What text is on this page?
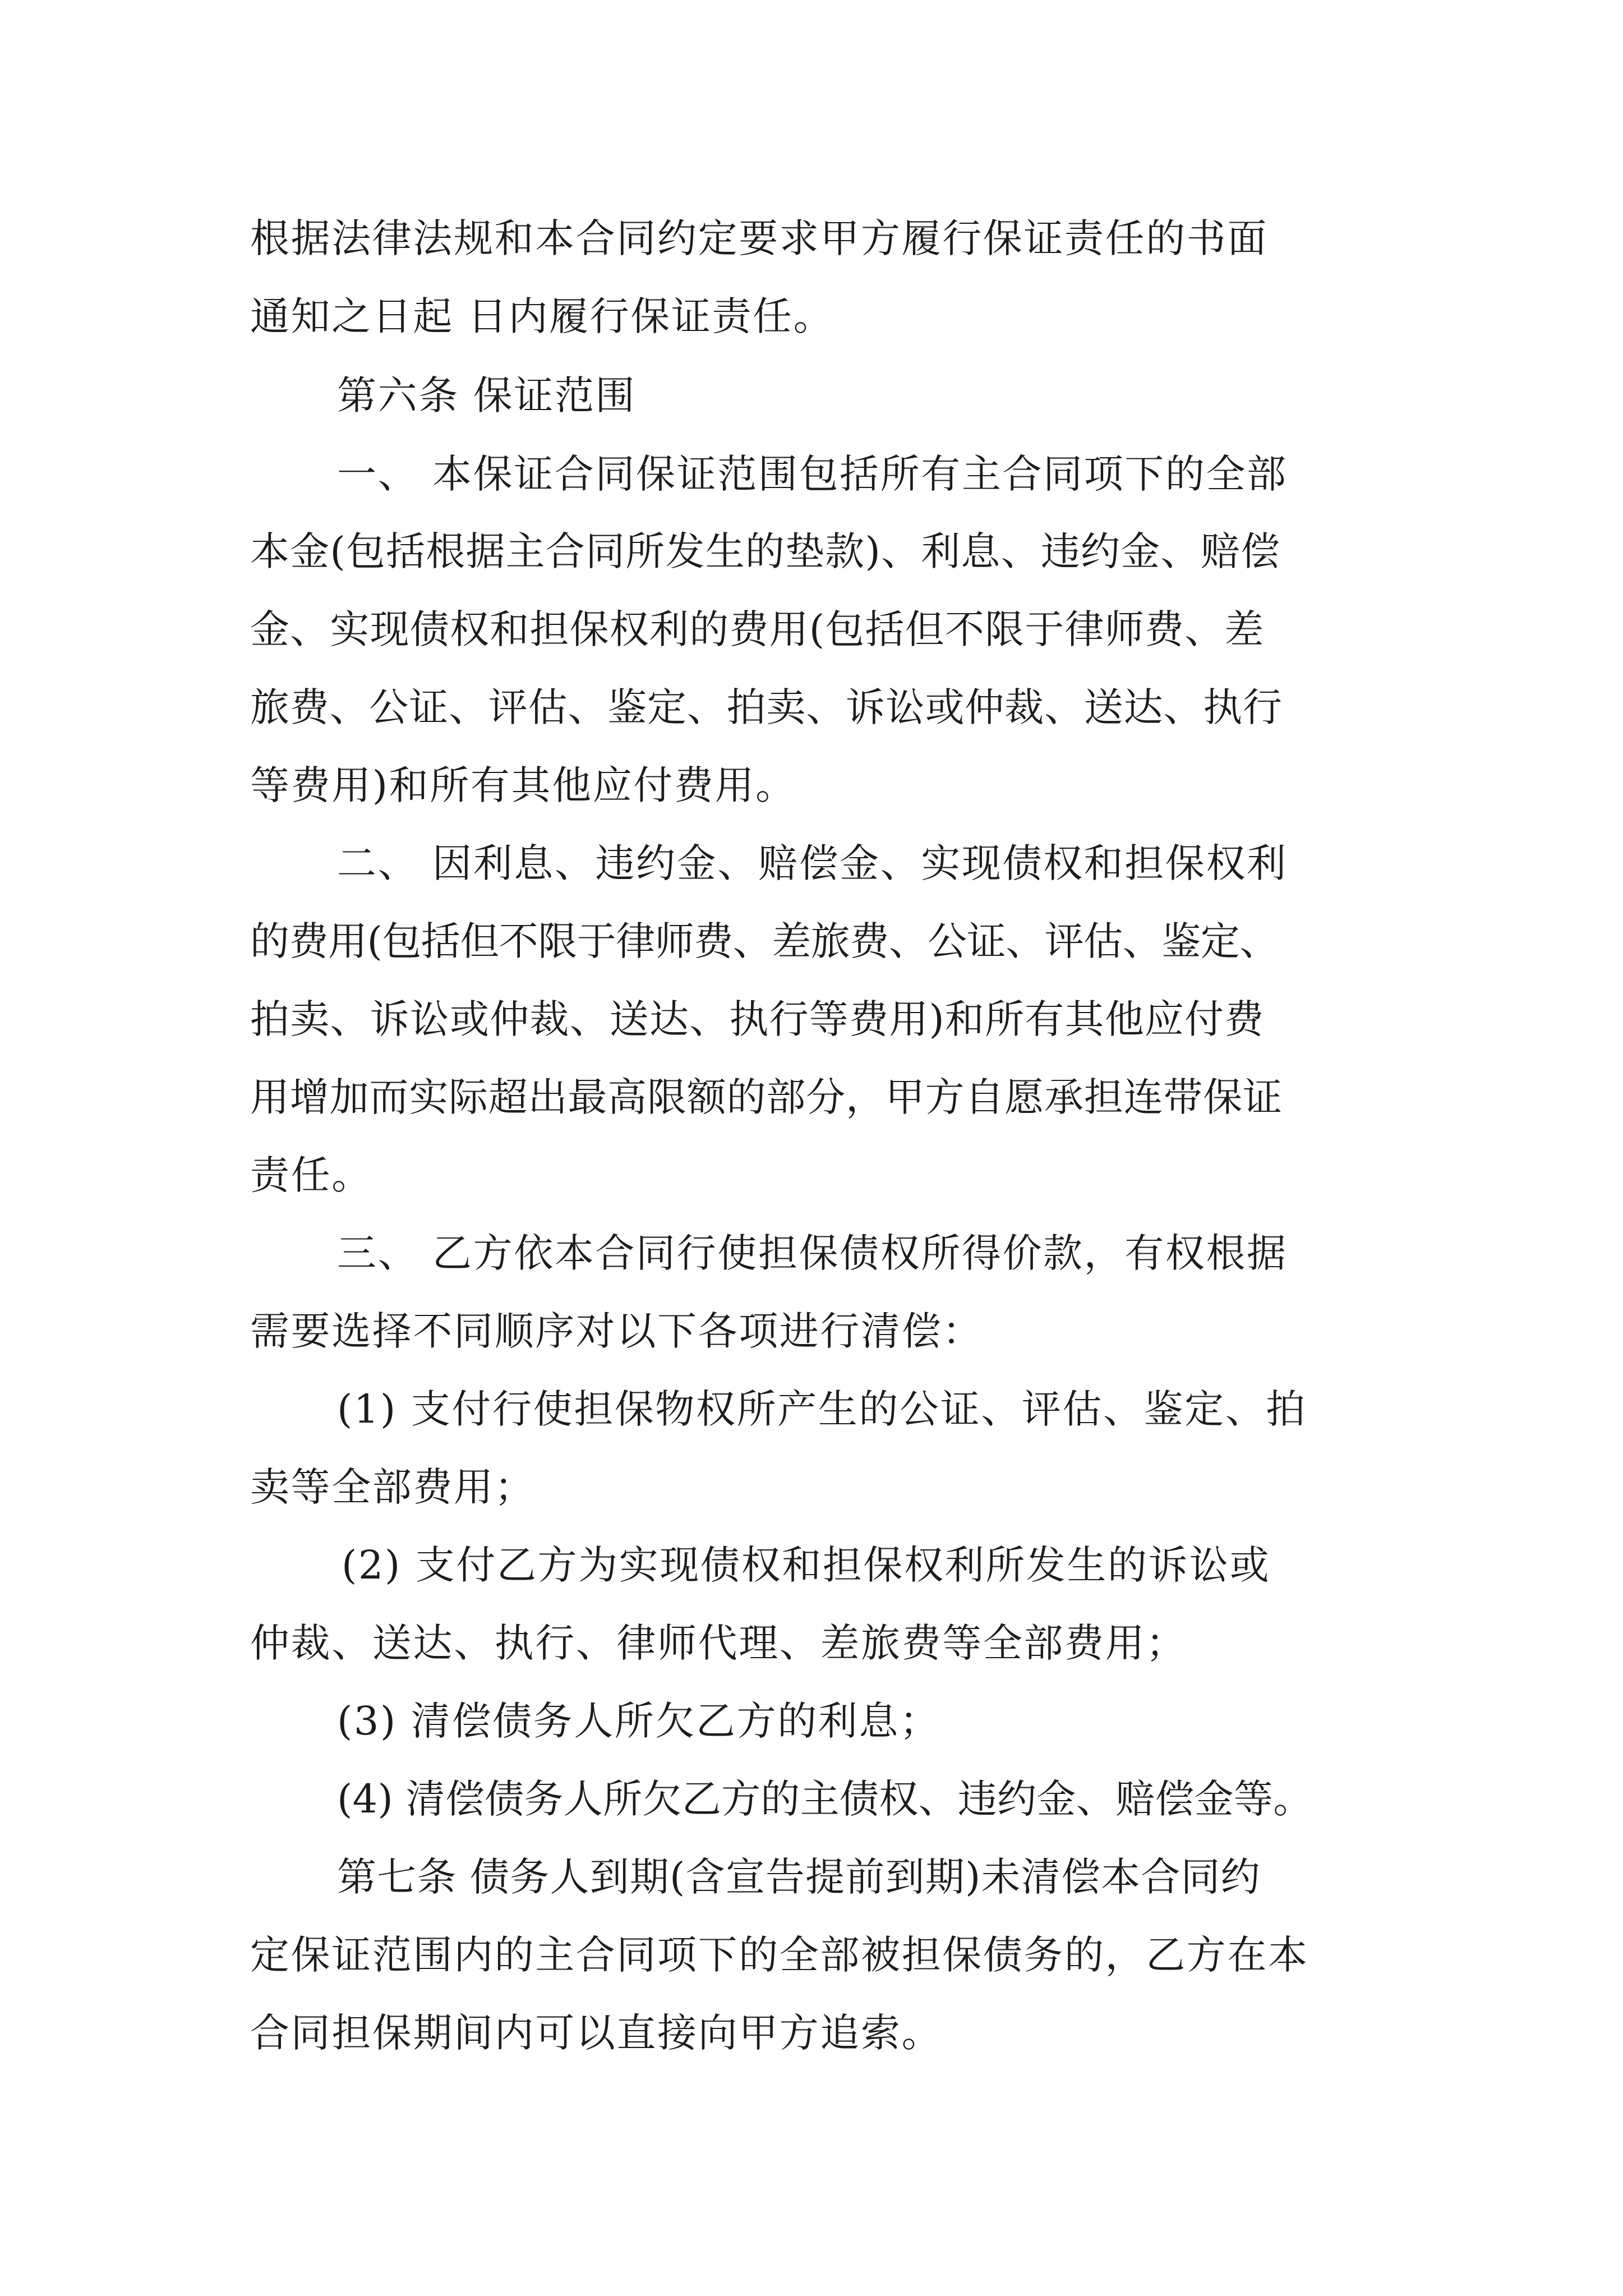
根据法律法规和本合同约定要求甲方履行保证责任的书面

通知之日起 日内履行保证责任。

第六条 保证范围

一、 本保证合同保证范围包括所有主合同项下的全部

本金(包括根据主合同所发生的垫款)、利息、违约金、赔偿

金、实现债权和担保权利的费用(包括但不限于律师费、差

旅费、公证、评估、鉴定、拍卖、诉讼或仲裁、送达、执行

等费用)和所有其他应付费用。

二、 因利息、违约金、赔偿金、实现债权和担保权利

的费用(包括但不限于律师费、差旅费、公证、评估、鉴定、

拍卖、诉讼或仲裁、送达、执行等费用)和所有其他应付费

用增加而实际超出最高限额的部分，甲方自愿承担连带保证

责任。

三、 乙方依本合同行使担保债权所得价款，有权根据

需要选择不同顺序对以下各项进行清偿：

(1) 支付行使担保物权所产生的公证、评估、鉴定、拍

卖等全部费用；

(2) 支付乙方为实现债权和担保权利所发生的诉讼或

仲裁、送达、执行、律师代理、差旅费等全部费用；

(3) 清偿债务人所欠乙方的利息；

(4) 清偿债务人所欠乙方的主债权、违约金、赔偿金等。

第七条 债务人到期(含宣告提前到期)未清偿本合同约

定保证范围内的主合同项下的全部被担保债务的，乙方在本

合同担保期间内可以直接向甲方追索。
